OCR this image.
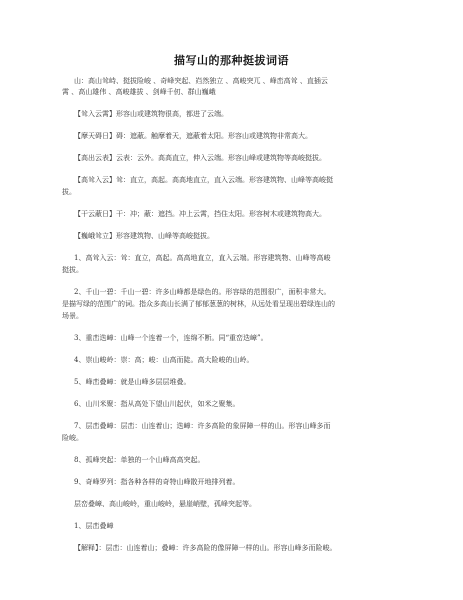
描写山的那种挺拔词语
山：高山耸峙、挺拔险峻 、奇峰突起、岿然独立 、高峻突兀 、峰峦高耸 、直插云
霄 、高山雄伟 、高峻雄拔 、剑峰千仞、群山巍峨
【耸入云霄】形容山或建筑物很高，都进了云端。
【摩天碍日】碍：遮蔽。触摩着天，遮蔽着太阳。形容山或建筑物非常高大。
【高出云表】云表：云外。高高直立，伸入云端。形容山峰或建筑物等高峻挺拔。
【高耸入云】耸：直立，高起。高高地直立，直入云端。形容建筑物、山峰等高峻挺
拔。
【干云蔽日】干：冲；蔽：遮挡。冲上云霄，挡住太阳。形容树木或建筑物高大。
【巍峨耸立】形容建筑物、山峰等高峻挺拔。
1、高耸入云：耸：直立，高起。高高地直立，直入云端。形容建筑物、山峰等高峻
挺拔。
2、千山一碧：千山一碧：许多山峰都是绿色的。形容绿的范围很广，面积非常大。
是描写绿的范围广的词。指众多高山长满了郁郁葱葱的树林，从远处看呈现出碧绿连山的
场景。
3、重峦迭嶂：山峰一个连着一个，连绵不断。同“重峦迭嶂”。
4、崇山峻岭：崇：高；峻：山高而陡。高大险峻的山岭。
5、峰峦叠嶂：就是山峰多层层堆叠。
6、山川米聚：指从高处下望山川起伏，如米之聚集。
7、层峦叠嶂：层峦：山连着山；迭嶂：许多高险的象屏障一样的山。形容山峰多而
险峻。
8、孤峰突起：单独的一个山峰高高突起。
9、奇峰罗列：指各种各样的奇特山峰散开地排列着。
层峦叠嶂、高山峻岭，重山峻岭，悬崖峭壁，孤峰突起等。
1、层峦叠嶂
【解释】：层峦：山连着山；叠嶂：许多高险的像屏障一样的山。形容山峰多而险峻。
